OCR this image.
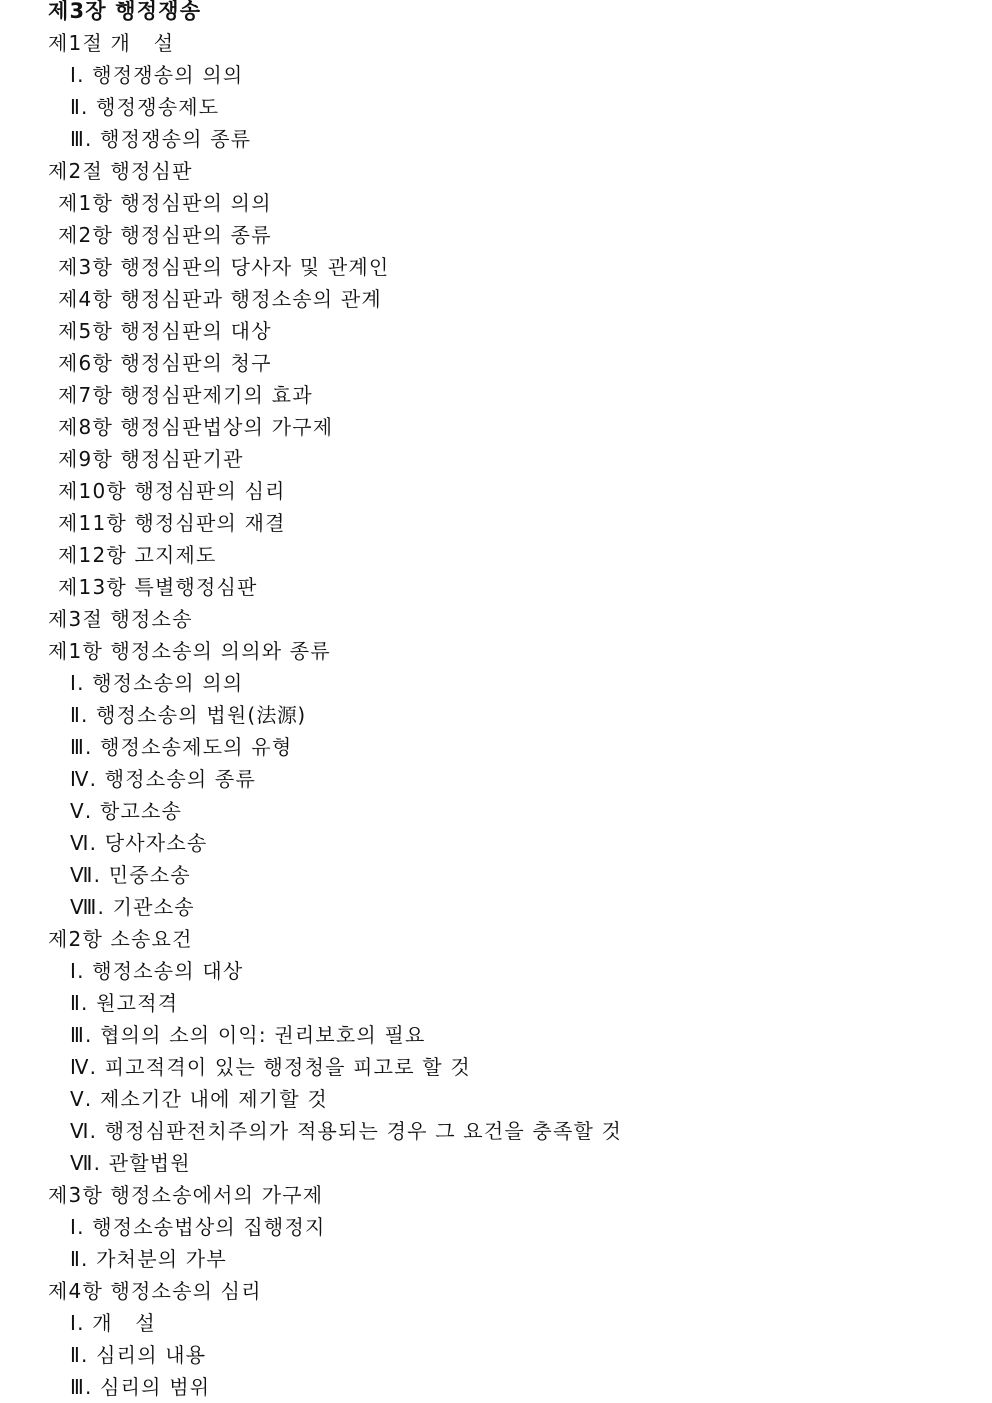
제3장 행정쟁송
제1절 개   설
Ⅰ. 행정쟁송의 의의
Ⅱ. 행정쟁송제도
Ⅲ. 행정쟁송의 종류
제2절 행정심판
제1항 행정심판의 의의
제2항 행정심판의 종류
제3항 행정심판의 당사자 및 관계인
제4항 행정심판과 행정소송의 관계
제5항 행정심판의 대상
제6항 행정심판의 청구
제7항 행정심판제기의 효과
제8항 행정심판법상의 가구제
제9항 행정심판기관
제10항 행정심판의 심리
제11항 행정심판의 재결
제12항 고지제도
제13항 특별행정심판
제3절 행정소송
제1항 행정소송의 의의와 종류
Ⅰ. 행정소송의 의의
Ⅱ. 행정소송의 법원(法源)
Ⅲ. 행정소송제도의 유형
Ⅳ. 행정소송의 종류
Ⅴ. 항고소송
Ⅵ. 당사자소송
Ⅶ. 민중소송
Ⅷ. 기관소송
제2항 소송요건
Ⅰ. 행정소송의 대상
Ⅱ. 원고적격
Ⅲ. 협의의 소의 이익: 권리보호의 필요
Ⅳ. 피고적격이 있는 행정청을 피고로 할 것
Ⅴ. 제소기간 내에 제기할 것
Ⅵ. 행정심판전치주의가 적용되는 경우 그 요건을 충족할 것
Ⅶ. 관할법원
제3항 행정소송에서의 가구제
Ⅰ. 행정소송법상의 집행정지
Ⅱ. 가처분의 가부
제4항 행정소송의 심리
Ⅰ. 개   설
Ⅱ. 심리의 내용
Ⅲ. 심리의 범위
